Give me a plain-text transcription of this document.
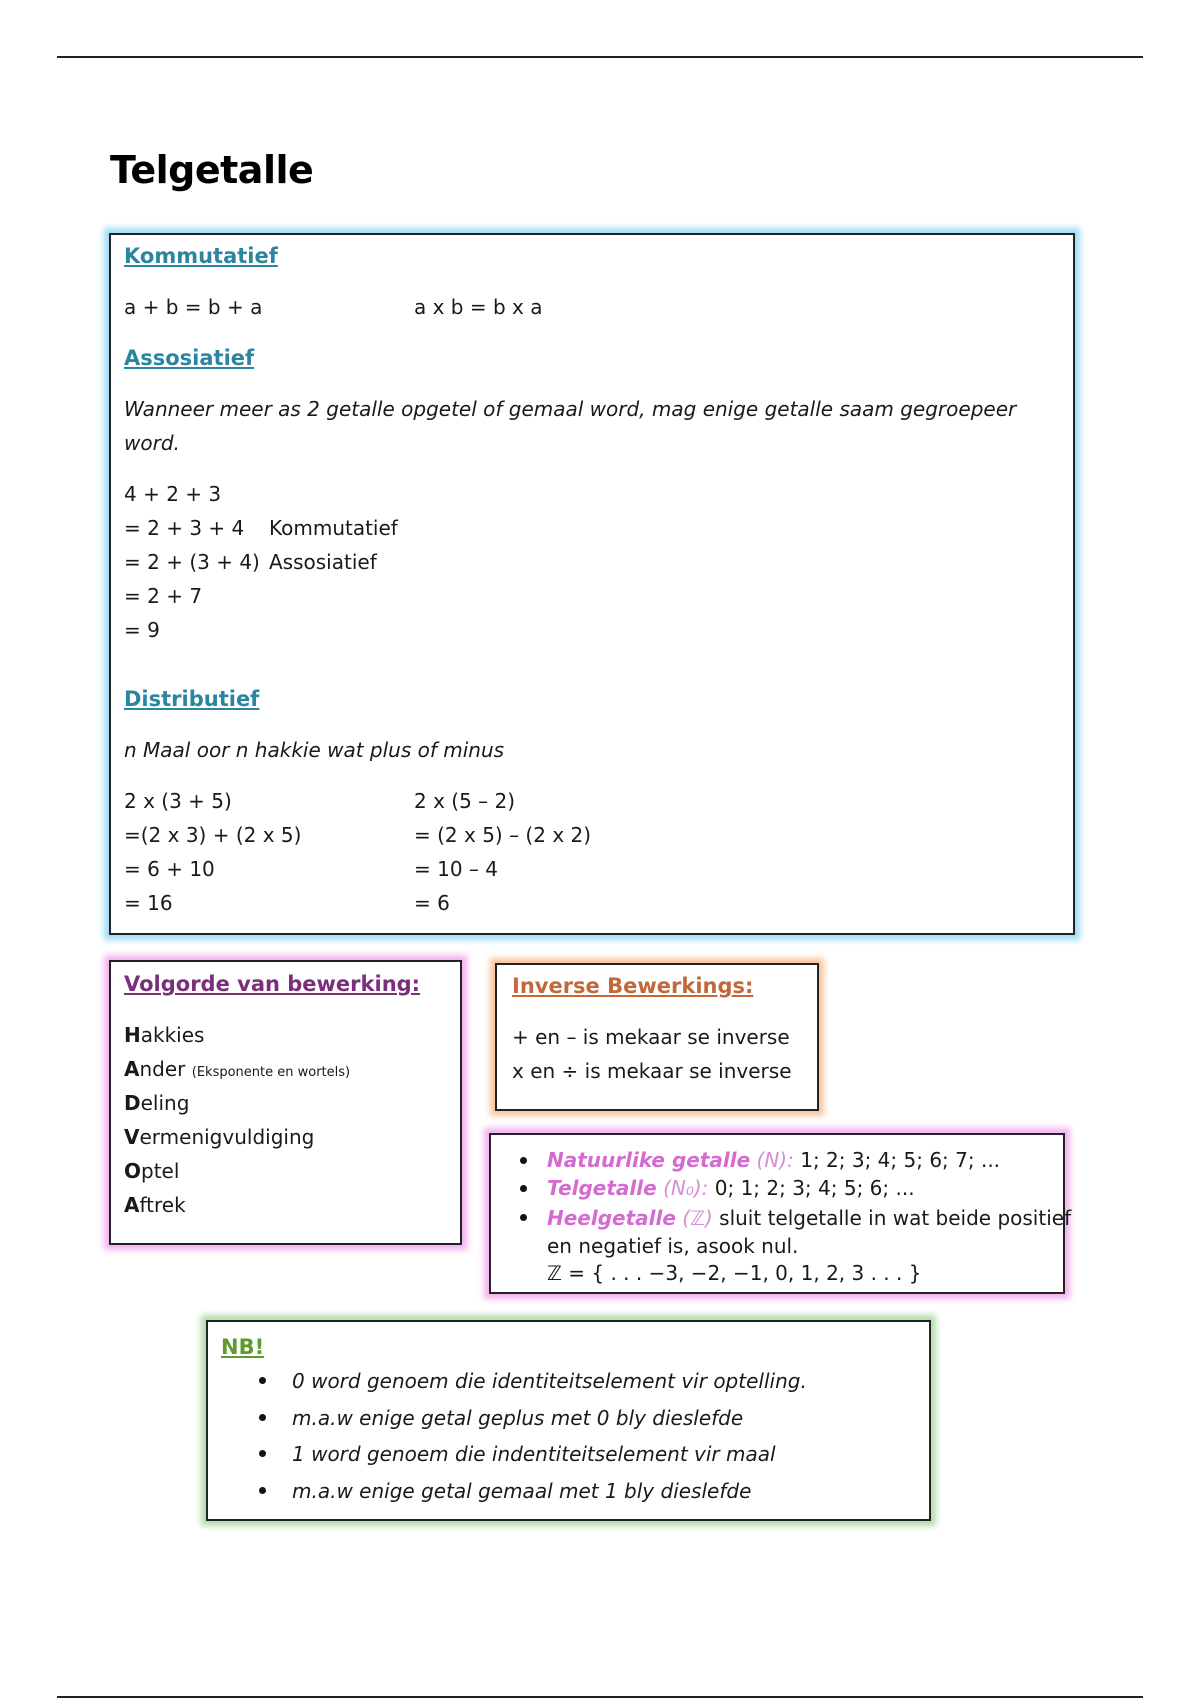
Telgetalle
Kommutatief
a + b = b + a	a x b = b x a
Assosiatief
Wanneer meer as 2 getalle opgetel of gemaal word, mag enige getalle saam gegroepeer
word.
4 + 2 + 3
= 2 + 3 + 4
= 2 + (3 + 4)
= 2 + 7
= 9
Kommutatief
Assosiatief
Distributief
n Maal oor n hakkie wat plus of minus
2 x (3 + 5)
=(2 x 3) + (2 x 5)
= 6 + 10
= 16
2 x (5 – 2)
= (2 x 5) – (2 x 2)
= 10 – 4
= 6
Volgorde van bewerking:
Hakkies
Ander (Eksponente en wortels)
Deling
Vermenigvuldiging
Optel
Aftrek
Inverse Bewerkings:
+ en – is mekaar se inverse
x en ÷ is mekaar se inverse
Natuurlike getalle (N): 1; 2; 3; 4; 5; 6; 7; ...
Telgetalle (N₀): 0; 1; 2; 3; 4; 5; 6; ...
Heelgetalle (ℤ) sluit telgetalle in wat beide positief
en negatief is, asook nul.
ℤ = { . . . −3, −2, −1, 0, 1, 2, 3 . . . }
NB!
0 word genoem die identiteitselement vir optelling.
m.a.w enige getal geplus met 0 bly dieslefde
1 word genoem die indentiteitselement vir maal
m.a.w enige getal gemaal met 1 bly dieslefde
